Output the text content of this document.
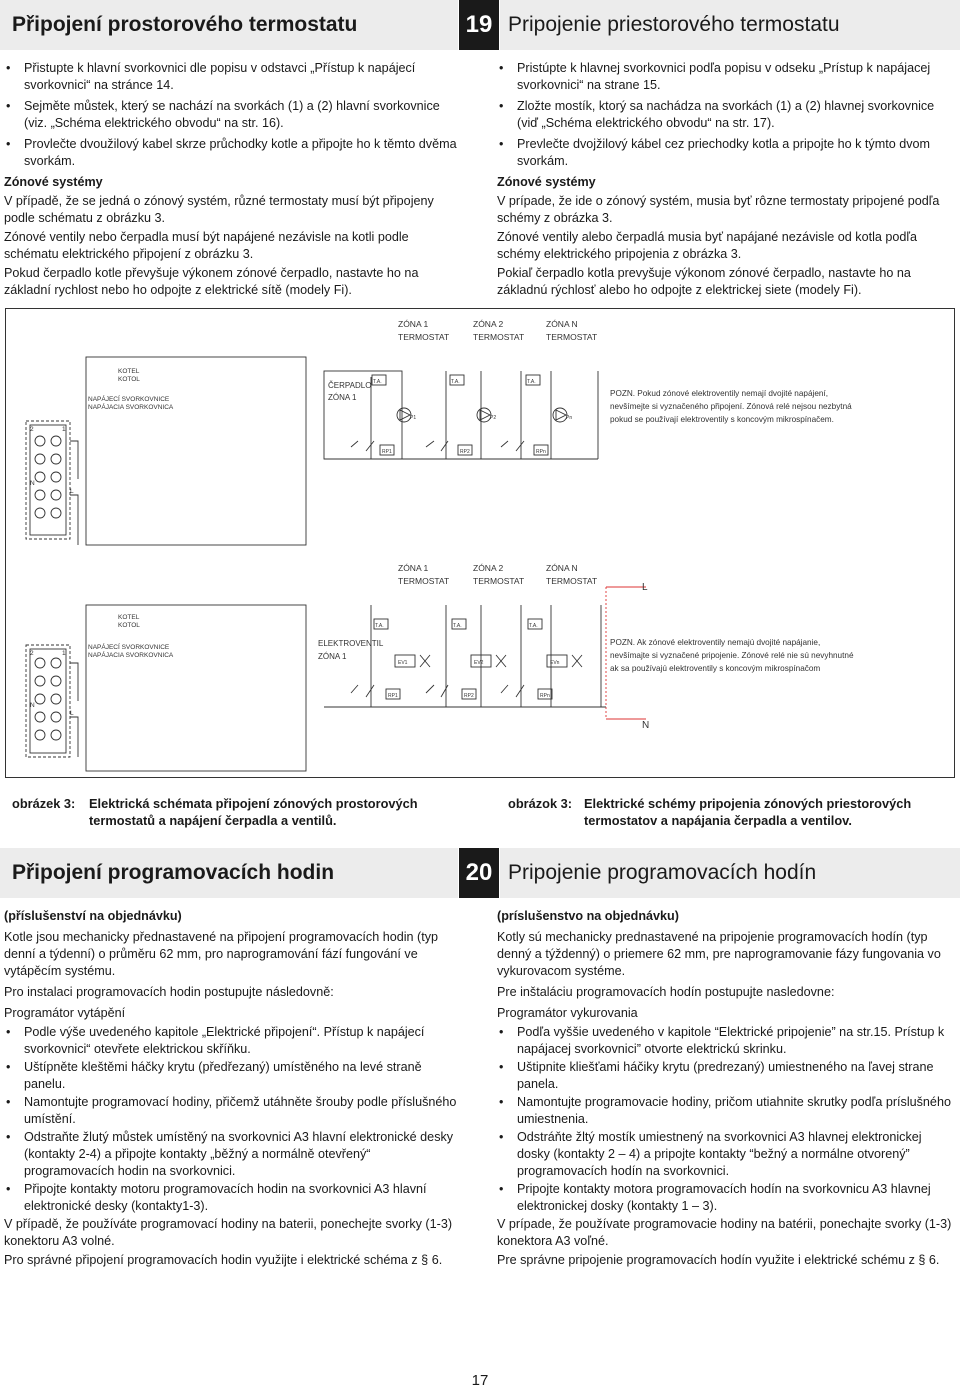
Připojení prostorového termostatu	19 Pripojenie priestorového termostatu
• Přistupte k hlavní svorkovnici dle popisu v odstavci „Přístup k napájecí svorkovnici“ na stránce 14.
• Sejměte můstek, který se nachází na svorkách (1) a (2) hlavní svorkovnice (viz. „Schéma elektrického obvodu“ na str. 16).
• Provlečte dvoužilový kabel skrze průchodky kotle a připojte ho k těmto dvěma svorkám.

Zónové systémy

V případě, že se jedná o zónový systém, různé termostaty musí být připojeny podle schématu z obrázku 3.

Zónové ventily nebo čerpadla musí být napájené nezávisle na kotli podle schématu elektrického připojení z obrázku 3.

Pokud čerpadlo kotle převyšuje výkonem zónové čerpadlo, nastavte ho na základní rychlost nebo ho odpojte z elektrické sítě (modely Fi).

• Pristúpte k hlavnej svorkovnici podľa popisu v odseku „Prístup k napájacej svorkovnici“ na strane 15.
• Zložte mostík, ktorý sa nachádza na svorkách (1) a (2) hlavnej svorkovnice (viď „Schéma elektrického obvodu“ na str. 17).
• Prevlečte dvojžilový kábel cez priechodky kotla a pripojte ho k týmto dvom svorkám.

Zónové systémy

V prípade, že ide o zónový systém, musia byť rôzne termostaty pripojené podľa schémy z obrázka 3.

Zónové ventily alebo čerpadlá musia byť napájané nezávisle od kotla podľa schémy elektrického pripojenia z obrázka 3.

Pokiaľ čerpadlo kotla prevyšuje výkonom zónové čerpadlo, nastavte ho na základnú rýchlosť alebo ho odpojte z elektrickej siete (modely Fi).

ZÓNA 1
TERMOSTAT
ZÓNA 2
TERMOSTAT
ZÓNA N
TERMOSTAT
KOTEL
KOTOL
NAPÁJECÍ SVORKOVNICE
NAPÁJACIA SVORKOVNICA
ČERPADLO
ZÓNA 1
T.A.	T.A.	T.A.
P1	P2	Pn
RP1	RP2	RPn
2	1
N
L
POZN. Pokud zónové elektroventily nemají dvojité napájení,
nevšímejte si vyznačeného připojení. Zónová relé nejsou nezbytná
pokud se používají elektroventily s koncovým mikrospínačem.
ZÓNA 1
TERMOSTAT
ZÓNA 2
TERMOSTAT
ZÓNA N
TERMOSTAT
KOTEL
KOTOL
NAPÁJECÍ SVORKOVNICE
NAPÁJACIA SVORKOVNICA
ELEKTROVENTIL
ZÓNA 1
T.A.	T.A.	T.A.
EV1	EV2	EVn
RP1	RP2	RPn
2	1
N
L
L
N
POZN. Ak zónové elektroventily nemajú dvojité napájanie,
nevšímajte si vyznačené pripojenie. Zónové relé nie sú nevyhnutné
ak sa používajú elektroventily s koncovým mikrospínačom
obrázek 3: Elektrická schémata připojení zónových prostorových
termostatů a napájení čerpadla a ventilů.
obrázok 3: Elektrické schémy pripojenia zónových priestorových
termostatov a napájania čerpadla a ventilov.
Připojení programovacích hodin	20 Pripojenie programovacích hodín

(příslušenství na objednávku)

Kotle jsou mechanicky přednastavené na připojení programovacích hodin (typ denní a týdenní) o průměru 62 mm, pro naprogramování fází fungování ve vytápěcím systému.

Pro instalaci programovacích hodin postupujte následovně:

Programátor vytápění

• Podle výše uvedeného kapitole „Elektrické připojení“. Přístup k napájecí svorkovnici“ otevřete elektrickou skříňku.
• Uštípněte kleštěmi háčky krytu (předřezaný) umístěného na levé straně panelu.
• Namontujte programovací hodiny, přičemž utáhněte šrouby podle příslušného umístění.
• Odstraňte žlutý můstek umístěný na svorkovnici A3 hlavní elektronické desky (kontakty 2-4) a připojte kontakty „běžný a normálně otevřený“ programovacích hodin na svorkovnici.
• Připojte kontakty motoru programovacích hodin na svorkovnici A3 hlavní elektronické desky (kontakty1-3).

V případě, že používáte programovací hodiny na baterii, ponechejte svorky (1-3) konektoru A3 volné.

Pro správné připojení programovacích hodin využijte i elektrické schéma z § 6.

(príslušenstvo na objednávku)

Kotly sú mechanicky prednastavené na pripojenie programovacích hodín (typ denný a týždenný) o priemere 62 mm, pre naprogramovanie fázy fungovania vo vykurovacom systéme.

Pre inštaláciu programovacích hodín postupujte nasledovne:

Programátor vykurovania

• Podľa vyššie uvedeného v kapitole “Elektrické pripojenie” na str.15. Prístup k napájacej svorkovnici” otvorte elektrickú skrinku.
• Uštipnite kliešťami háčiky krytu (predrezaný) umiestneného na ľavej strane panela.
• Namontujte programovacie hodiny, pričom utiahnite skrutky podľa príslušného umiestnenia.
• Odstráňte žltý mostík umiestnený na svorkovnici A3 hlavnej elektronickej dosky (kontakty 2 – 4) a pripojte kontakty “bežný a normálne otvorený” programovacích hodín na svorkovnici.
• Pripojte kontakty motora programovacích hodín na svorkovnicu A3 hlavnej elektronickej dosky (kontakty 1 – 3).

V prípade, že používate programovacie hodiny na batérii, ponechajte svorky (1-3) konektora A3 voľné.

Pre správne pripojenie programovacích hodín využite i elektrické schému z § 6.

17
